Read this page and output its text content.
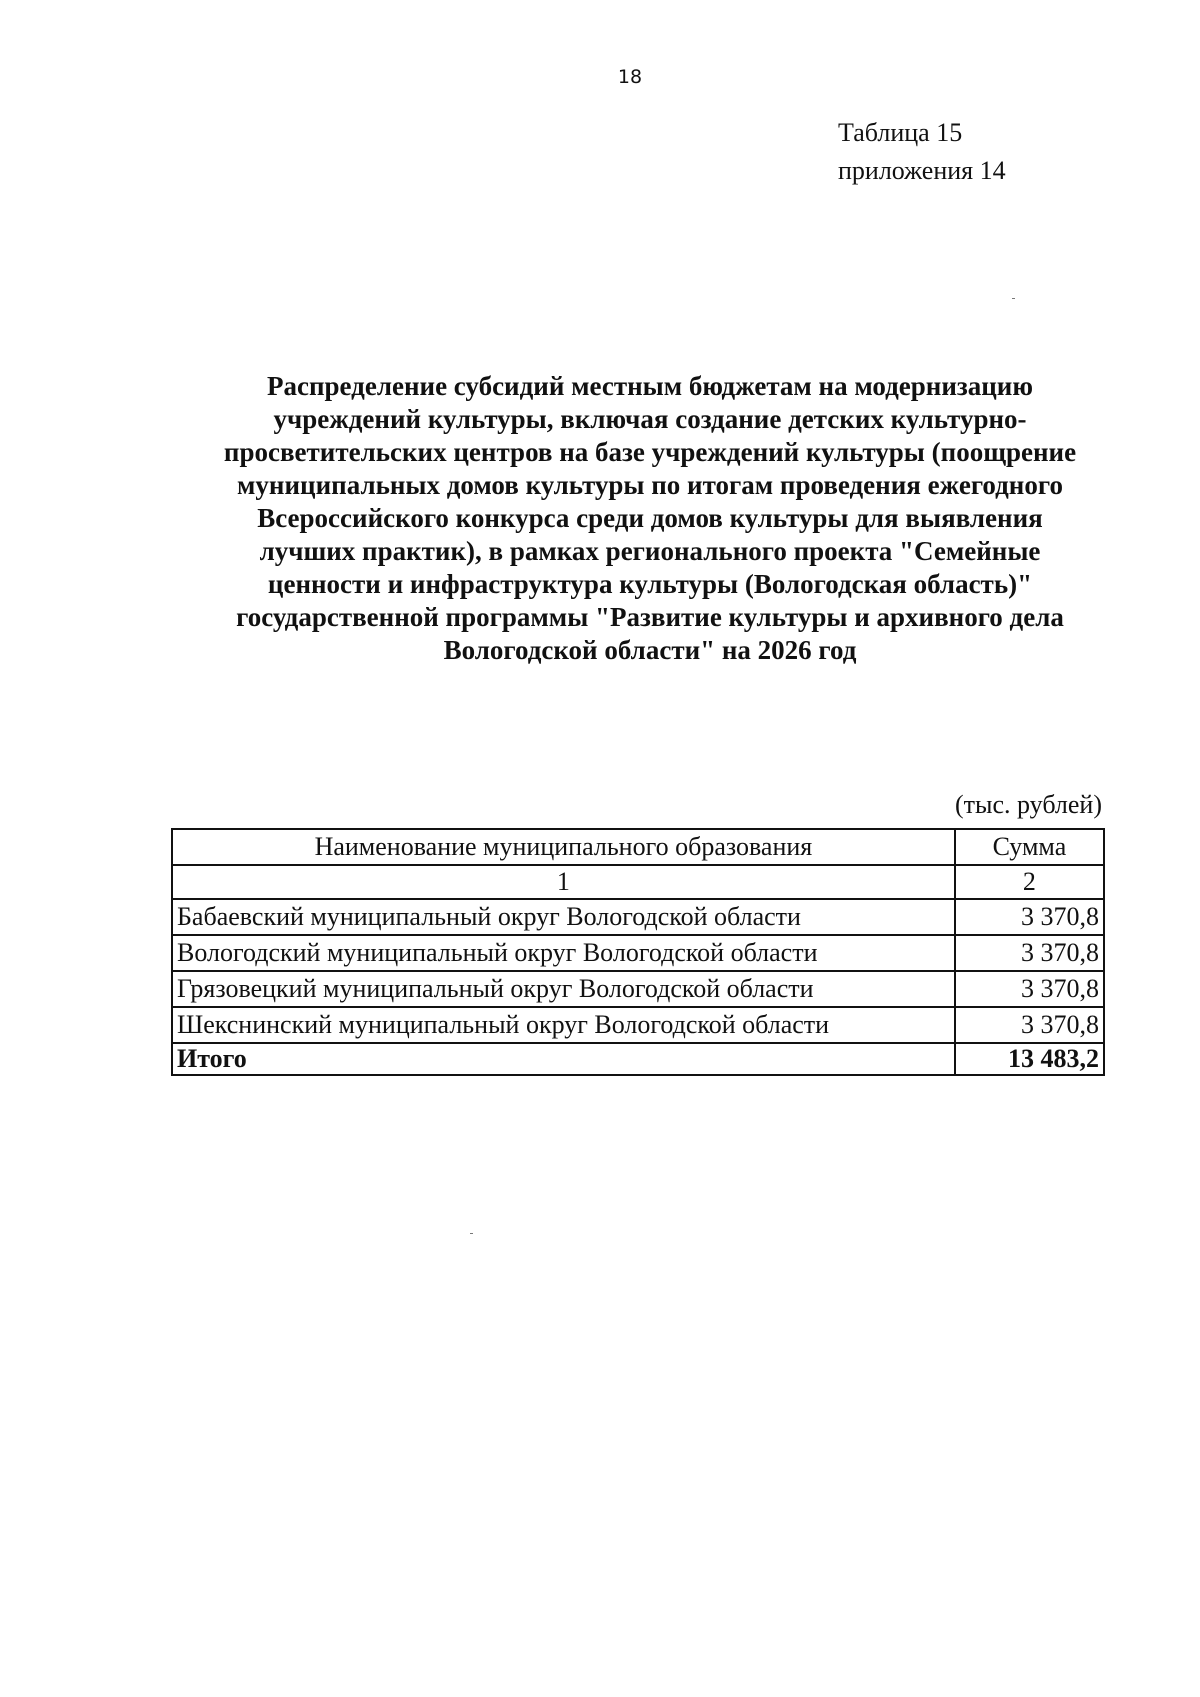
18
Таблица 15
приложения 14
Распределение субсидий местным бюджетам на модернизацию
учреждений культуры, включая создание детских культурно-
просветительских центров на базе учреждений культуры (поощрение
муниципальных домов культуры по итогам проведения ежегодного
Всероссийского конкурса среди домов культуры для выявления
лучших практик), в рамках регионального проекта "Семейные
ценности и инфраструктура культуры (Вологодская область)"
государственной программы "Развитие культуры и архивного дела
Вологодской области" на 2026 год
(тыс. рублей)
Наименование муниципального образования	Сумма
1	2
Бабаевский муниципальный округ Вологодской области	3 370,8
Вологодский муниципальный округ Вологодской области	3 370,8
Грязовецкий муниципальный округ Вологодской области	3 370,8
Шекснинский муниципальный округ Вологодской области	3 370,8
Итого	13 483,2
